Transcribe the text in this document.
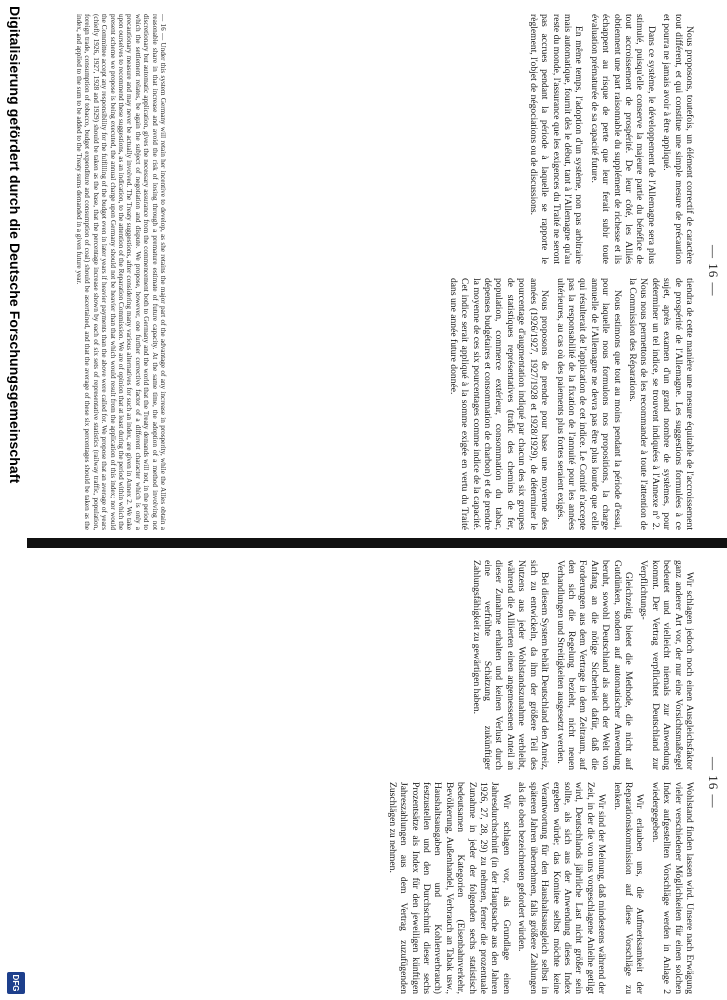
— 16 —

Nous proposons, toutefois, un élément correctif de caractère tout différent, et qui constitue une simple mesure de précaution et pourra ne jamais avoir à être appliqué.

Dans ce système, le développement de l'Allemagne sera plus stimulé, puisqu'elle conserve la majeure partie du bénéfice de tout accroissement de prospérité. De leur côté, les Alliés obtiennent une part raisonnable du supplément de richesse et ils échappent au risque de perte que leur ferait subir toute évaluation prématurée de sa capacité future.

En même temps, l'adoption d'un système, non pas arbitraire mais automatique, fournit dès le début, tant à l'Allemagne qu'au reste du monde, l'assurance que les exigences du Traité ne seront pas accrues pendant la période à laquelle se rapporte le règlement, l'objet de négociations ou de discussions.

tiendra de cette manière une mesure équitable de l'accroissement de prospérité de l'Allemagne. Les suggestions formulées à ce sujet, après examen d'un grand nombre de systèmes, pour déterminer un tel indice, se trouvent indiquées à l'Annexe n° 2. Nous nous permettons de les recommander à toute l'attention de la Commission des Réparations.

Nous estimons que tout au moins pendant la période d'essai, pour laquelle nous formulons nos propositions, la charge annuelle de l'Allemagne ne devra pas être plus lourde que celle qui résulterait de l'application de cet indice. Le Comité n'accepte pas la responsabilité de la fixation de l'annuité pour les années ultérieures, au cas où des paiements plus fortes seraient exigés.

Nous proposons de prendre pour base une moyenne des années (1926/1927, 1927/1928 et 1928/1929), de déterminer le pourcentage d'augmentation indiqué par chacun des six groupes de statistiques représentatives (trafic des chemins de fer, population, commerce extérieur, consommation du tabac, dépenses budgétaires et consommation de charbon) et de prendre la moyenne de ces six pourcentages comme indice de la capacité. Cet indice serait appliqué à la somme exigée en vertu du Traité dans une année future donnée.

— 16 —

Wir schlagen jedoch noch einen Ausgleichsfaktor ganz anderer Art vor, der nur eine Vorsichtsmaßregel bedeutet und vielleicht niemals zur Anwendung kommt. Der Vertrag verpflichtet Deutschland zur Verpflichtungs-

Gleichzeitig bietet die Methode, die nicht auf Gutdünken, sondern auf automatischer Anwendung beruht, sowohl Deutschland als auch der Welt von Anfang an die nötige Sicherheit dafür, daß die Forderungen aus dem Vertrage in dem Zeitraum, auf den sich die Regelung bezieht, nicht neuen Verhandlungen und Streitigkeiten ausgesetzt werden.

Bei diesem System behält Deutschland den Anreiz, sich zu entwickeln, da ihm der größere Teil des Nutzens aus jeder Wohlstandszunahme verbleibt, während die Alliierten einen angemessenen Anteil an dieser Zunahme erhalten und keinen Verlust durch eine verfrühte Schätzung zukünftiger Zahlungsfähigkeit zu gewärtigen haben.

Wohlstand finden lassen wird. Unsere nach Erwägung vieler verschiedener Möglichkeiten für einen solchen Index aufgestellten Vorschläge werden in Anlage 2 wiedergegeben.

Wir erlauben uns, die Aufmerksamkeit der Reparationskommission auf diese Vorschläge zu lenken.

Wir sind der Meinung, daß mindestens während der Zeit, in der die von uns vorgeschlagene Anleihe getilgt wird, Deutschlands jährliche Last nicht größer sein sollte, als sich aus der Anwendung dieses Index ergeben würde; das Komitee selbst möchte keine Verantwortung für den Haushaltsausgleich selbst in späteren Jahren übernehmen, falls größere Zahlungen als die oben bezeichneten gefordert würden.

Wir schlagen vor, als Grundlage einen Jahresdurchschnitt (in der Hauptsache aus den Jahren 1926, 27, 28, 29) zu nehmen, ferner die prozentuale Zunahme in jeder der folgenden sechs statistisch bedeutsamen Kategorien (Eisenbahnverkehr, Bevölkerung, Außenhandel, Verbrauch an Tabak usw., Haushaltsausgaben und Kohlenverbrauch) festzustellen und den Durchschnitt dieser sechs Prozentsätze als Index für den jeweiligen künftigen Jahreszahlungen aus dem Vertrag zuzufügenden Zuschlägen zu nehmen.

— 16 — Under this system Germany will retain her incentive to develop, as she retains the major part of the advantage of any increase in prosperity, while the Allies obtain a reasonable share in that increase and avoid the risk of losing through a premature estimate of future capacity. At the same time, the adoption of a method involving not discretionary but automatic application, gives the necessary assurance from the commencement both to Germany and the world that the Treaty demands will not, in the period to which the settlement relates, be again the subject of negotiation and dispute. We propose, however, one further corrective factor of a different character which is only a precautionary measure and may never be actually involved. The Treaty suggestions, after considering many various alternatives for such an index, are given in Annex 2. We take upon ourselves to recommend these suggestions, as an indication, to the attention of the Reparation Commission. We are of opinion that at least during the period within which the present scheme we propose is being executed, the annual charge upon Germany should not be heavier than that which would result from the application of this index; nor would the Committee accept any responsibility for the fulfilling of the budget even in later years if heavier payments than the above were called for. We propose that an average of years (chiefly 1926, 1927, 1928 and 1929) should be taken as the base, that the percentage increase shown by each of six sets of representative statistics (railway traffic, population, foreign trade, consumption of tobacco, budget expenditure and consumption of coal) should be ascertained, and that the average of these six percentages should be taken as the index, and applied to the sum to be added to the Treaty sums demanded in a given future year.
Digitalisierung gefördert durch die Deutsche Forschungsgemeinschaft
DFG
